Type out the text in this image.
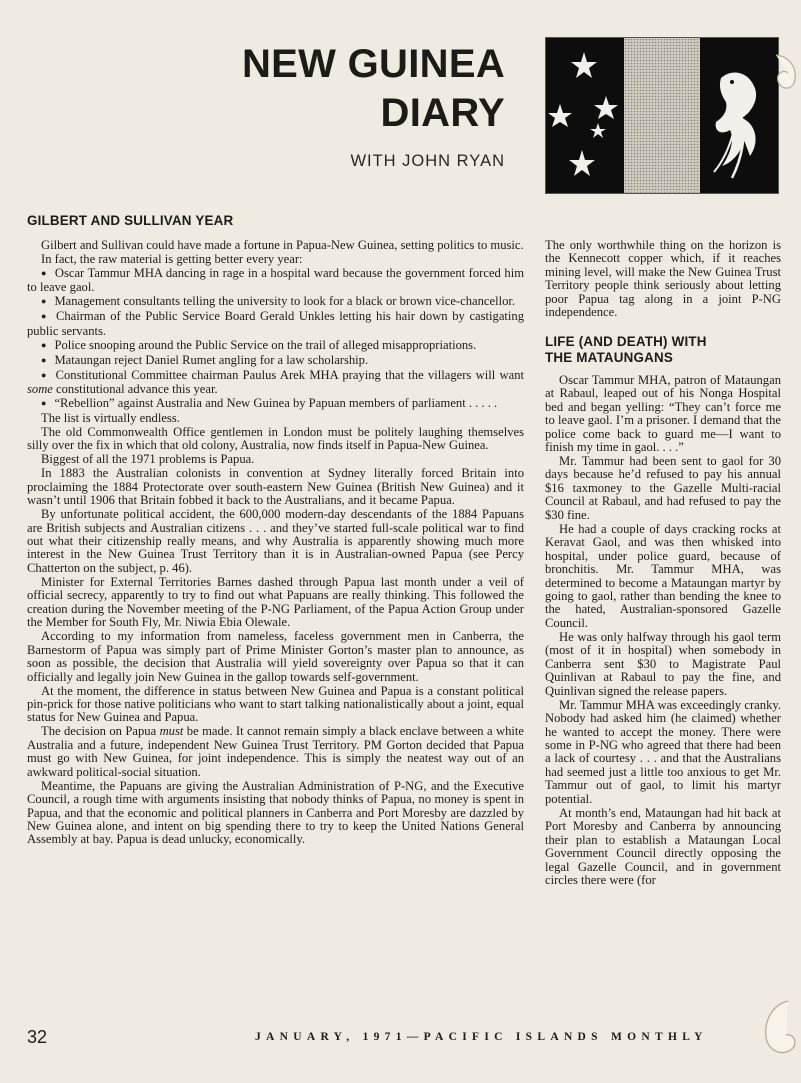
NEW GUINEA
DIARY
WITH JOHN RYAN
GILBERT AND SULLIVAN YEAR

Gilbert and Sullivan could have made a fortune in Papua-New Guinea, setting politics to music.

In fact, the raw material is getting better every year:

● Oscar Tammur MHA dancing in rage in a hospital ward because the government forced him to leave gaol.

● Management consultants telling the university to look for a black or brown vice-chancellor.

● Chairman of the Public Service Board Gerald Unkles letting his hair down by castigating public servants.

● Police snooping around the Public Service on the trail of alleged misappropriations.

● Mataungan reject Daniel Rumet angling for a law scholarship.

● Constitutional Committee chairman Paulus Arek MHA praying that the villagers will want some constitutional advance this year.

● “Rebellion” against Australia and New Guinea by Papuan members of parliament . . . . .

The list is virtually endless.

The old Commonwealth Office gentlemen in London must be politely laughing themselves silly over the fix in which that old colony, Australia, now finds itself in Papua-New Guinea.

Biggest of all the 1971 problems is Papua.

In 1883 the Australian colonists in convention at Sydney literally forced Britain into proclaiming the 1884 Protectorate over south-eastern New Guinea (British New Guinea) and it wasn’t until 1906 that Britain fobbed it back to the Australians, and it became Papua.

By unfortunate political accident, the 600,000 modern-day descendants of the 1884 Papuans are British subjects and Australian citizens . . . and they’ve started full-scale political war to find out what their citizenship really means, and why Australia is apparently showing much more interest in the New Guinea Trust Territory than it is in Australian-owned Papua (see Percy Chatterton on the subject, p. 46).

Minister for External Territories Barnes dashed through Papua last month under a veil of official secrecy, apparently to try to find out what Papuans are really thinking. This followed the creation during the November meeting of the P-NG Parliament, of the Papua Action Group under the Member for South Fly, Mr. Niwia Ebia Olewale.

According to my information from nameless, faceless government men in Canberra, the Barnestorm of Papua was simply part of Prime Minister Gorton’s master plan to announce, as soon as possible, the decision that Australia will yield sovereignty over Papua so that it can officially and legally join New Guinea in the gallop towards self-government.

At the moment, the difference in status between New Guinea and Papua is a constant political pin-prick for those native politicians who want to start talking nationalistically about a joint, equal status for New Guinea and Papua.

The decision on Papua must be made. It cannot remain simply a black enclave between a white Australia and a future, independent New Guinea Trust Territory. PM Gorton decided that Papua must go with New Guinea, for joint independence. This is simply the neatest way out of an awkward political-social situation.

Meantime, the Papuans are giving the Australian Administration of P-NG, and the Executive Council, a rough time with arguments insisting that nobody thinks of Papua, no money is spent in Papua, and that the economic and political planners in Canberra and Port Moresby are dazzled by New Guinea alone, and intent on big spending there to try to keep the United Nations General Assembly at bay. Papua is dead unlucky, economically.

The only worthwhile thing on the horizon is the Kennecott copper which, if it reaches mining level, will make the New Guinea Trust Territory people think seriously about letting poor Papua tag along in a joint P-NG independence.

LIFE (AND DEATH) WITH
THE MATAUNGANS

Oscar Tammur MHA, patron of Mataungan at Rabaul, leaped out of his Nonga Hospital bed and began yelling: “They can’t force me to leave gaol. I’m a prisoner. I demand that the police come back to guard me—I want to finish my time in gaol. . . .”

Mr. Tammur had been sent to gaol for 30 days because he’d refused to pay his annual $16 taxmoney to the Gazelle Multi-racial Council at Rabaul, and had refused to pay the $30 fine.

He had a couple of days cracking rocks at Keravat Gaol, and was then whisked into hospital, under police guard, because of bronchitis. Mr. Tammur MHA, was determined to become a Mataungan martyr by going to gaol, rather than bending the knee to the hated, Australian-sponsored Gazelle Council.

He was only halfway through his gaol term (most of it in hospital) when somebody in Canberra sent $30 to Magistrate Paul Quinlivan at Rabaul to pay the fine, and Quinlivan signed the release papers.

Mr. Tammur MHA was exceedingly cranky. Nobody had asked him (he claimed) whether he wanted to accept the money. There were some in P-NG who agreed that there had been a lack of courtesy . . . and that the Australians had seemed just a little too anxious to get Mr. Tammur out of gaol, to limit his martyr potential.

At month’s end, Mataungan had hit back at Port Moresby and Canberra by announcing their plan to establish a Mataungan Local Government Council directly opposing the legal Gazelle Council, and in government circles there were (for

32	JANUARY, 1971—PACIFIC ISLANDS MONTHLY
